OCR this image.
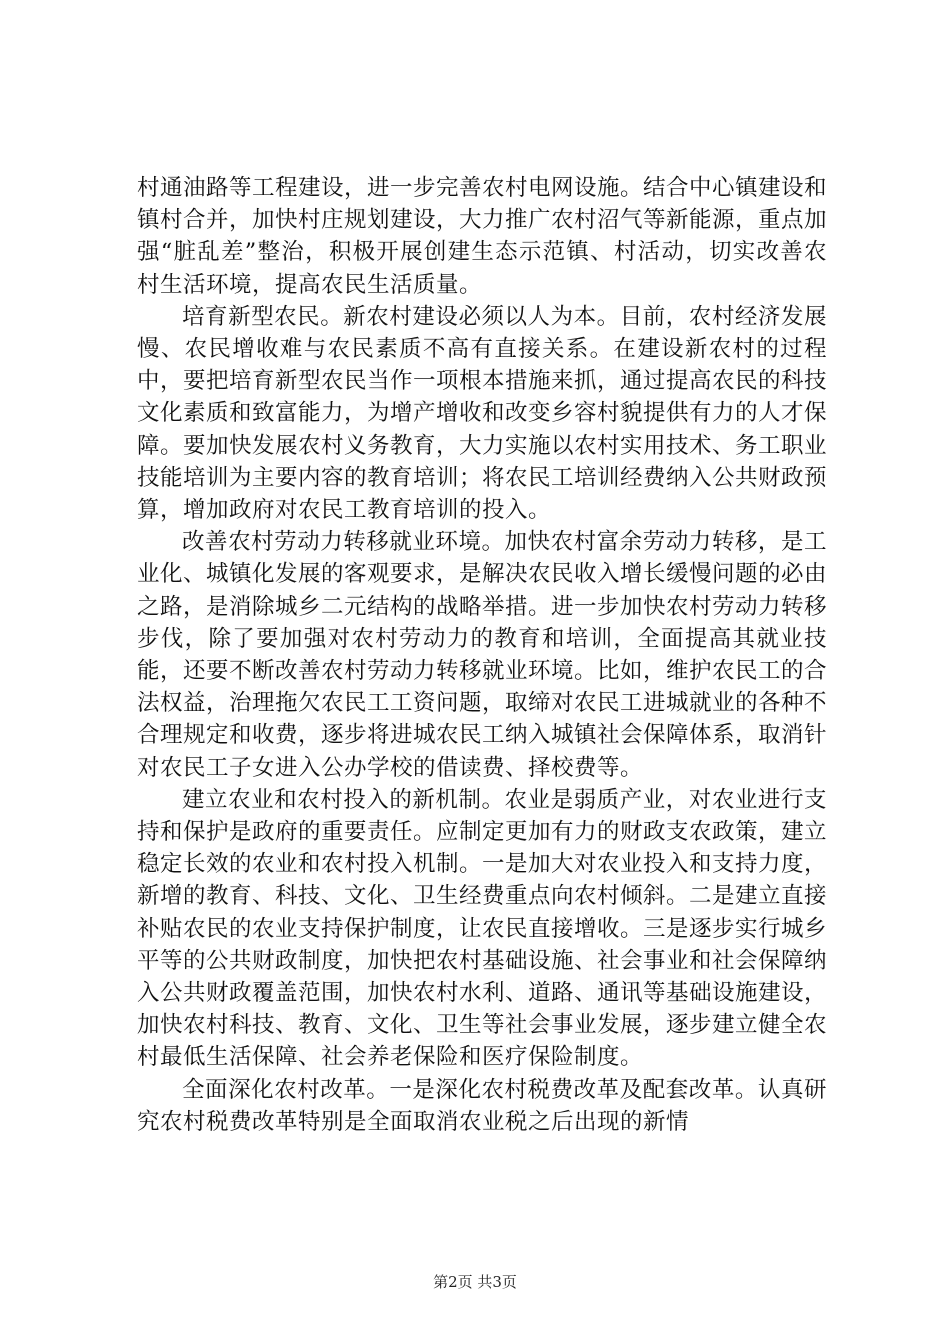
村通油路等工程建设，进一步完善农村电网设施。结合中心镇建设和镇村合并，加快村庄规划建设，大力推广农村沼气等新能源，重点加强“脏乱差”整治，积极开展创建生态示范镇、村活动，切实改善农村生活环境，提高农民生活质量。

培育新型农民。新农村建设必须以人为本。目前，农村经济发展慢、农民增收难与农民素质不高有直接关系。在建设新农村的过程中，要把培育新型农民当作一项根本措施来抓，通过提高农民的科技文化素质和致富能力，为增产增收和改变乡容村貌提供有力的人才保障。要加快发展农村义务教育，大力实施以农村实用技术、务工职业技能培训为主要内容的教育培训；将农民工培训经费纳入公共财政预算，增加政府对农民工教育培训的投入。

改善农村劳动力转移就业环境。加快农村富余劳动力转移，是工业化、城镇化发展的客观要求，是解决农民收入增长缓慢问题的必由之路，是消除城乡二元结构的战略举措。进一步加快农村劳动力转移步伐，除了要加强对农村劳动力的教育和培训，全面提高其就业技能，还要不断改善农村劳动力转移就业环境。比如，维护农民工的合法权益，治理拖欠农民工工资问题，取缔对农民工进城就业的各种不合理规定和收费，逐步将进城农民工纳入城镇社会保障体系，取消针对农民工子女进入公办学校的借读费、择校费等。

建立农业和农村投入的新机制。农业是弱质产业，对农业进行支持和保护是政府的重要责任。应制定更加有力的财政支农政策，建立稳定长效的农业和农村投入机制。一是加大对农业投入和支持力度，新增的教育、科技、文化、卫生经费重点向农村倾斜。二是建立直接补贴农民的农业支持保护制度，让农民直接增收。三是逐步实行城乡平等的公共财政制度，加快把农村基础设施、社会事业和社会保障纳入公共财政覆盖范围，加快农村水利、道路、通讯等基础设施建设，加快农村科技、教育、文化、卫生等社会事业发展，逐步建立健全农村最低生活保障、社会养老保险和医疗保险制度。

全面深化农村改革。一是深化农村税费改革及配套改革。认真研究农村税费改革特别是全面取消农业税之后出现的新情

第2页 共3页
